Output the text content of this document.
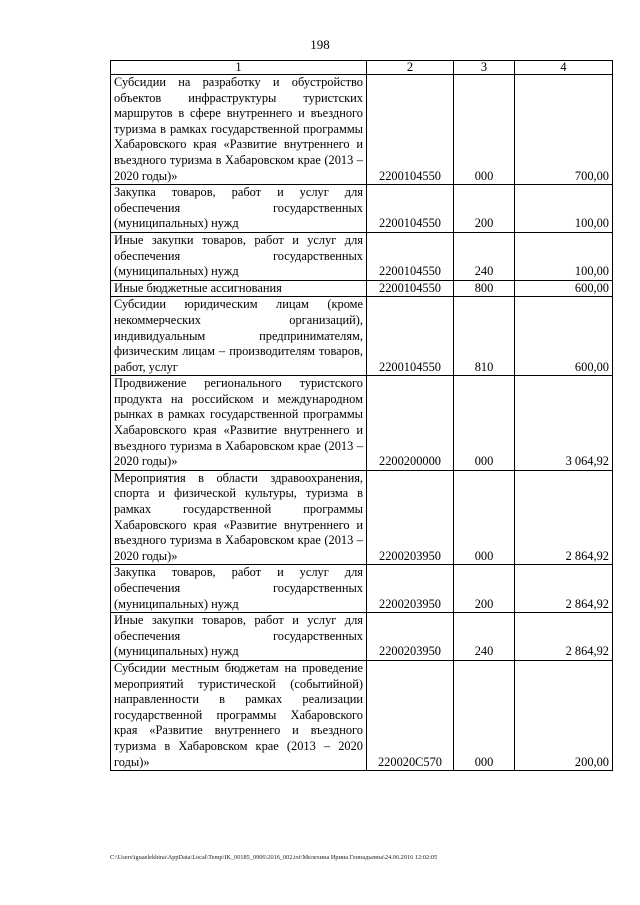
198
1	2	3	4
Субсидии на разработку и обустройство объектов инфраструктуры туристских маршрутов в сфере внутреннего и въездного туризма в рамках государственной программы Хабаровского края «Развитие внутреннего и въездного туризма в Хабаровском крае (2013 – 2020 годы)»	2200104550	000	700,00
Закупка товаров, работ и услуг для обеспечения государственных (муниципальных) нужд	2200104550	200	100,00
Иные закупки товаров, работ и услуг для обеспечения государственных (муниципальных) нужд	2200104550	240	100,00
Иные бюджетные ассигнования	2200104550	800	600,00
Субсидии юридическим лицам (кроме некоммерческих организаций), индивидуальным предпринимателям, физическим лицам – производителям товаров, работ, услуг	2200104550	810	600,00
Продвижение регионального туристского продукта на российском и международном рынках в рамках государственной программы Хабаровского края «Развитие внутреннего и въездного туризма в Хабаровском крае (2013 – 2020 годы)»	2200200000	000	3 064,92
Мероприятия в области здравоохранения, спорта и физической культуры, туризма в рамках государственной программы Хабаровского края «Развитие внутреннего и въездного туризма в Хабаровском крае (2013 – 2020 годы)»	2200203950	000	2 864,92
Закупка товаров, работ и услуг для обеспечения государственных (муниципальных) нужд	2200203950	200	2 864,92
Иные закупки товаров, работ и услуг для обеспечения государственных (муниципальных) нужд	2200203950	240	2 864,92
Субсидии местным бюджетам на проведение мероприятий туристической (событийной) направленности в рамках реализации государственной программы Хабаровского края «Развитие внутреннего и въездного туризма в Хабаровском крае (2013 – 2020 годы)»	220020С570	000	200,00
C:\Users\iguaelekhina\AppData\Local\Temp\IK_00185_0906\2016_002.txt\Мелехина Ирина Геннадьевна\24.06.2016 12:02:05
